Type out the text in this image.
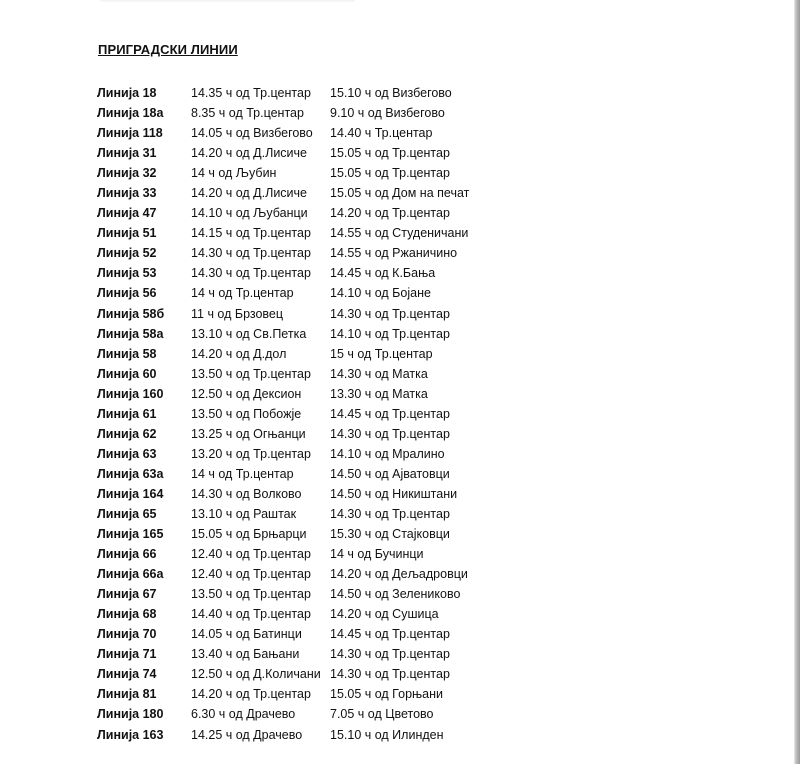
ПРИГРАДСКИ ЛИНИИ
Линија 18	14.35 ч од Тр.центар 15.10 ч од Визбегово
Линија 18а 8.35 ч од Тр.центар 9.10 ч од Визбегово
Линија 118 14.05 ч од Визбегово 14.40 ч Тр.центар
Линија 31	14.20 ч од Д.Лисиче 15.05 ч од Тр.центар
Линија 32	14 ч од Љубин	15.05 ч од Тр.центар
Линија 33	14.20 ч од Д.Лисиче 15.05 ч од Дом на печат
Линија 47	14.10 ч од Љубанци 14.20 ч од Тр.центар
Линија 51	14.15 ч од Тр.центар 14.55 ч од Студеничани
Линија 52	14.30 ч од Тр.центар 14.55 ч од Ржаничино
Линија 53	14.30 ч од Тр.центар 14.45 ч од К.Бања
Линија 56	14 ч од Тр.центар	14.10 ч од Бојане
Линија 58б 11 ч од Брзовец	14.30 ч од Тр.центар
Линија 58а 13.10 ч од Св.Петка 14.10 ч од Тр.центар
Линија 58	14.20 ч од Д.дол	15 ч од Тр.центар
Линија 60	13.50 ч од Тр.центар 14.30 ч од Матка
Линија 160 12.50 ч од Дексион 13.30 ч од Матка
Линија 61	13.50 ч од Побожје 14.45 ч од Тр.центар
Линија 62	13.25 ч од Огњанци 14.30 ч од Тр.центар
Линија 63	13.20 ч од Тр.центар 14.10 ч од Мралино
Линија 63а 14 ч од Тр.центар	14.50 ч од Ајватовци
Линија 164 14.30 ч од Волково 14.50 ч од Никиштани
Линија 65	13.10 ч од Раштак	14.30 ч од Тр.центар
Линија 165 15.05 ч од Брњарци 15.30 ч од Стајковци
Линија 66	12.40 ч од Тр.центар 14 ч од Бучинци
Линија 66а 12.40 ч од Тр.центар 14.20 ч од Дељадровци
Линија 67	13.50 ч од Тр.центар 14.50 ч од Зелениково
Линија 68	14.40 ч од Тр.центар 14.20 ч од Сушица
Линија 70	14.05 ч од Батинци 14.45 ч од Тр.центар
Линија 71	13.40 ч од Бањани 14.30 ч од Тр.центар
Линија 74	12.50 ч од Д.Количани 14.30 ч од Тр.центар
Линија 81	14.20 ч од Тр.центар 15.05 ч од Горњани
Линија 180 6.30 ч од Драчево	7.05 ч од Цветово
Линија 163 14.25 ч од Драчево 15.10 ч од Илинден
